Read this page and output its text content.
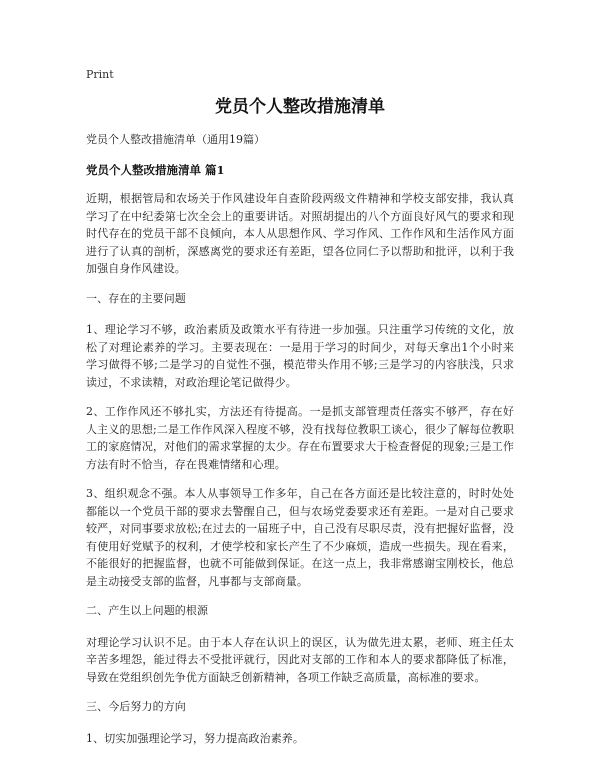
Print
党员个人整改措施清单

党员个人整改措施清单（通用19篇）

党员个人整改措施清单 篇1

近期，根据管局和农场关于作风建设年自查阶段两级文件精神和学校支部安排，我认真学习了在中纪委第七次全会上的重要讲话。对照胡提出的八个方面良好风气的要求和现时代存在的党员干部不良倾向，本人从思想作风、学习作风、工作作风和生活作风方面进行了认真的剖析，深感离党的要求还有差距，望各位同仁予以帮助和批评，以利于我加强自身作风建设。

一、存在的主要问题

1、理论学习不够，政治素质及政策水平有待进一步加强。只注重学习传统的文化，放松了对理论素养的学习。主要表现在：一是用于学习的时间少，对每天拿出1个小时来学习做得不够;二是学习的自觉性不强，模范带头作用不够;三是学习的内容肤浅，只求读过，不求读精，对政治理论笔记做得少。

2、工作作风还不够扎实，方法还有待提高。一是抓支部管理责任落实不够严，存在好人主义的思想;二是工作作风深入程度不够，没有找每位教职工谈心，很少了解每位教职工的家庭情况，对他们的需求掌握的太少。存在布置要求大于检查督促的现象;三是工作方法有时不恰当，存在畏难情绪和心理。

3、组织观念不强。本人从事领导工作多年，自己在各方面还是比较注意的，时时处处都能以一个党员干部的要求去警醒自己，但与农场党委要求还有差距。一是对自己要求较严，对同事要求放松;在过去的一届班子中，自己没有尽职尽责，没有把握好监督，没有使用好党赋予的权利，才使学校和家长产生了不少麻烦，造成一些损失。现在看来，不能很好的把握监督，也就不可能做到保证。在这一点上，我非常感谢宝刚校长，他总是主动接受支部的监督，凡事都与支部商量。

二、产生以上问题的根源

对理论学习认识不足。由于本人存在认识上的误区，认为做先进太累，老师、班主任太辛苦多埋怨，能过得去不受批评就行，因此对支部的工作和本人的要求都降低了标准，导致在党组织创先争优方面缺乏创新精神，各项工作缺乏高质量，高标准的要求。

三、今后努力的方向

1、切实加强理论学习，努力提高政治素养。
